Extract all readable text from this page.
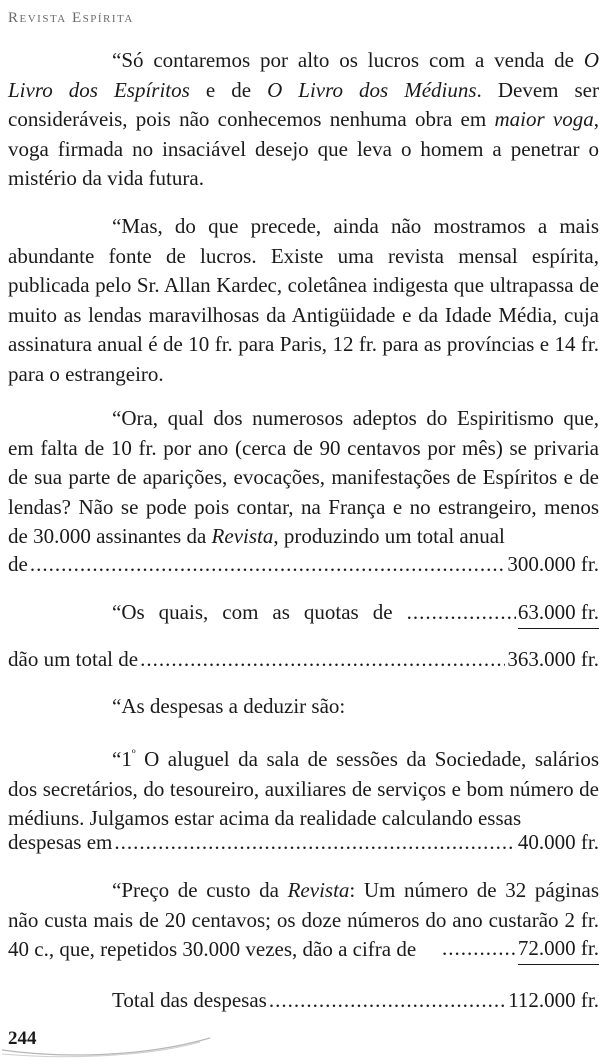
Revista Espírita

“Só contaremos por alto os lucros com a venda de O Livro dos Espíritos e de O Livro dos Médiuns. Devem ser consideráveis, pois não conhecemos nenhuma obra em maior voga, voga firmada no insaciável desejo que leva o homem a penetrar o mistério da vida futura.

“Mas, do que precede, ainda não mostramos a mais abundante fonte de lucros. Existe uma revista mensal espírita, publicada pelo Sr. Allan Kardec, coletânea indigesta que ultrapassa de muito as lendas maravilhosas da Antigüidade e da Idade Média, cuja assinatura anual é de 10 fr. para Paris, 12 fr. para as províncias e 14 fr. para o estrangeiro.

“Ora, qual dos numerosos adeptos do Espiritismo que, em falta de 10 fr. por ano (cerca de 90 centavos por mês) se privaria de sua parte de aparições, evocações, manifestações de Espíritos e de lendas? Não se pode pois contar, na França e no estrangeiro, menos de 30.000 assinantes da Revista, produzindo um total anual

de .....	300.000 fr.
“Os quais, com as quotas de .....	63.000 fr.
dão um total de .....	363.000 fr.

“As despesas a deduzir são:

“$1^º$ O aluguel da sala de sessões da Sociedade, salários dos secretários, do tesoureiro, auxiliares de serviços e bom número de médiuns. Julgamos estar acima da realidade calculando essas

despesas em .....	40.000 fr.

“Preço de custo da Revista: Um número de 32 páginas não custa mais de 20 centavos; os doze números do ano custarão 2 fr. 40 c., que, repetidos 30.000 vezes, dão a cifra de .....	72.000 fr.
Total das despesas .....	112.000 fr.
244
